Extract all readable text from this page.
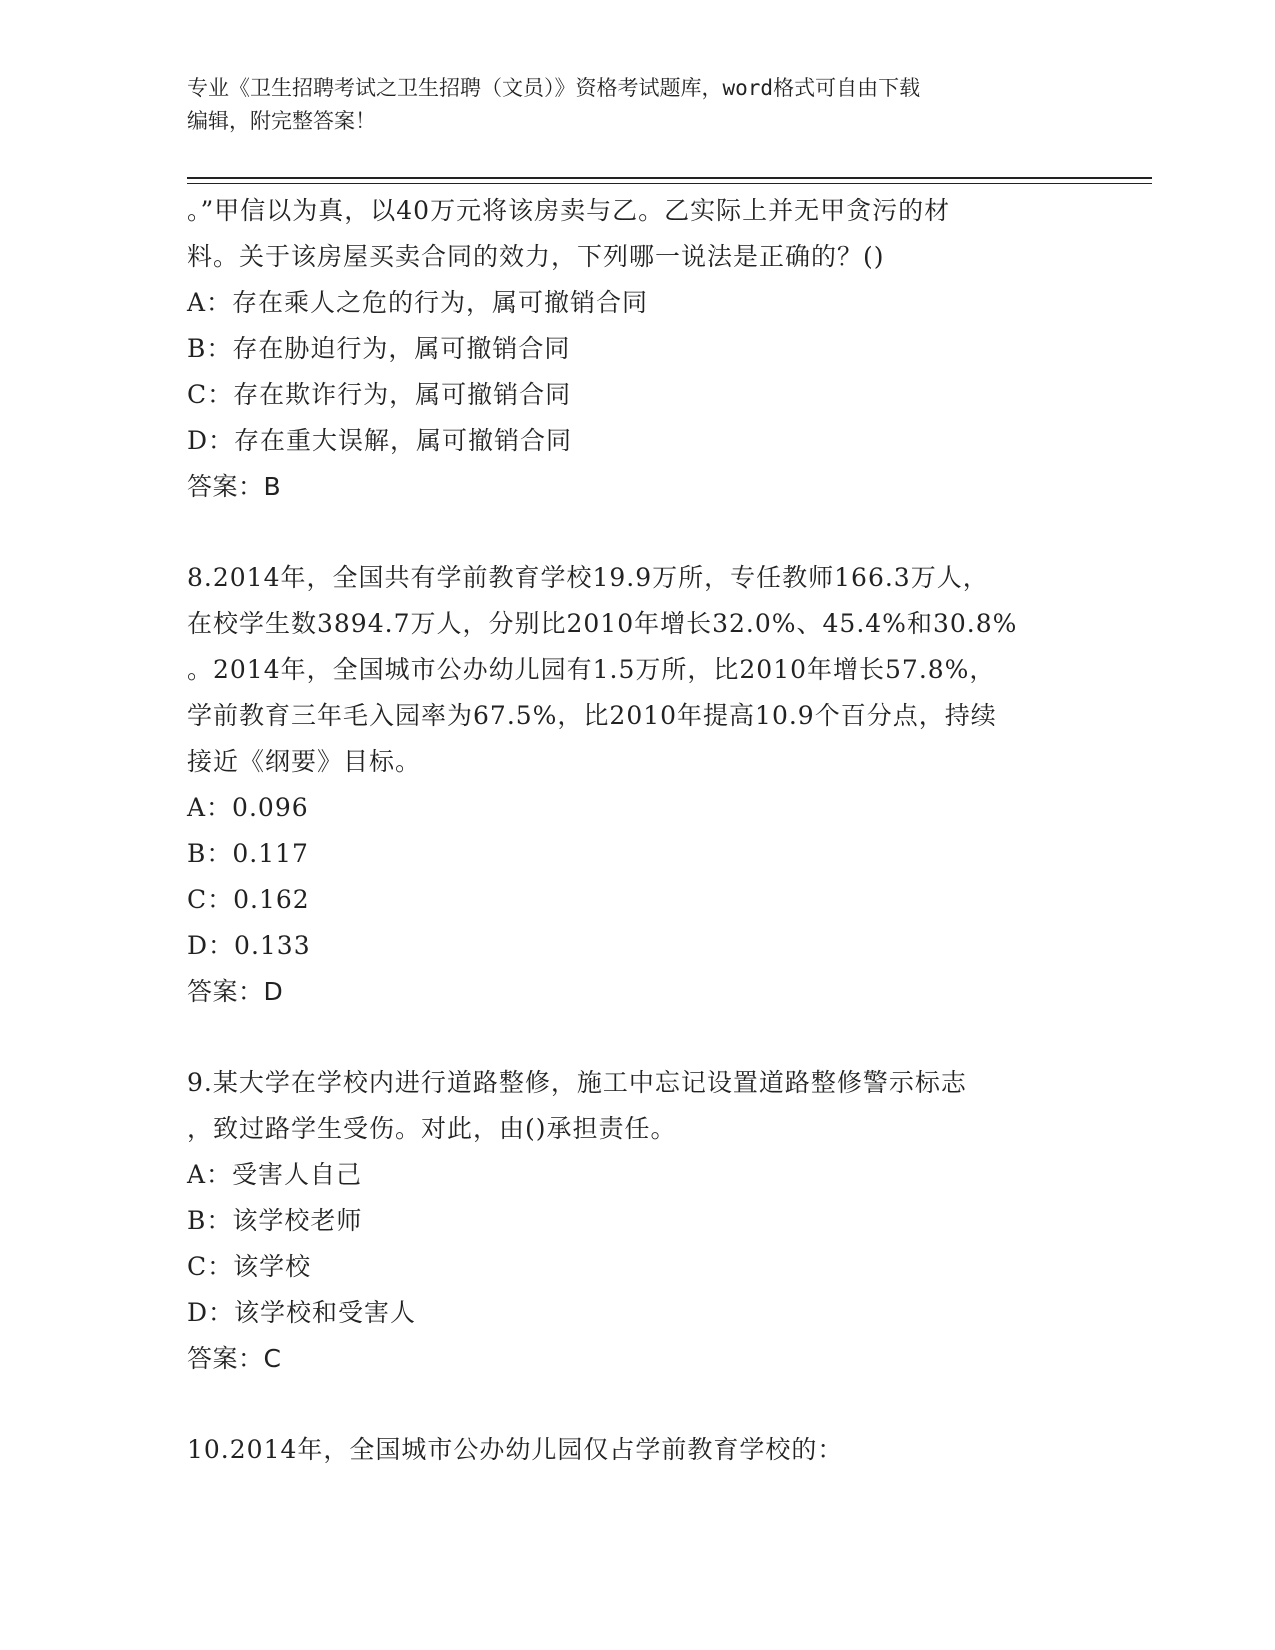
专业《卫生招聘考试之卫生招聘（文员）》资格考试题库，word格式可自由下载
编辑，附完整答案！
。”甲信以为真，以40万元将该房卖与乙。乙实际上并无甲贪污的材
料。关于该房屋买卖合同的效力，下列哪一说法是正确的？()
A：存在乘人之危的行为，属可撤销合同
B：存在胁迫行为，属可撤销合同
C：存在欺诈行为，属可撤销合同
D：存在重大误解，属可撤销合同
答案：B
8.2014年，全国共有学前教育学校19.9万所，专任教师166.3万人，
在校学生数3894.7万人，分别比2010年增长32.0%、45.4%和30.8%
。2014年，全国城市公办幼儿园有1.5万所，比2010年增长57.8%，
学前教育三年毛入园率为67.5%，比2010年提高10.9个百分点，持续
接近《纲要》目标。
A：0.096
B：0.117
C：0.162
D：0.133
答案：D
9.某大学在学校内进行道路整修，施工中忘记设置道路整修警示标志
，致过路学生受伤。对此，由()承担责任。
A：受害人自己
B：该学校老师
C：该学校
D：该学校和受害人
答案：C
10.2014年，全国城市公办幼儿园仅占学前教育学校的：
